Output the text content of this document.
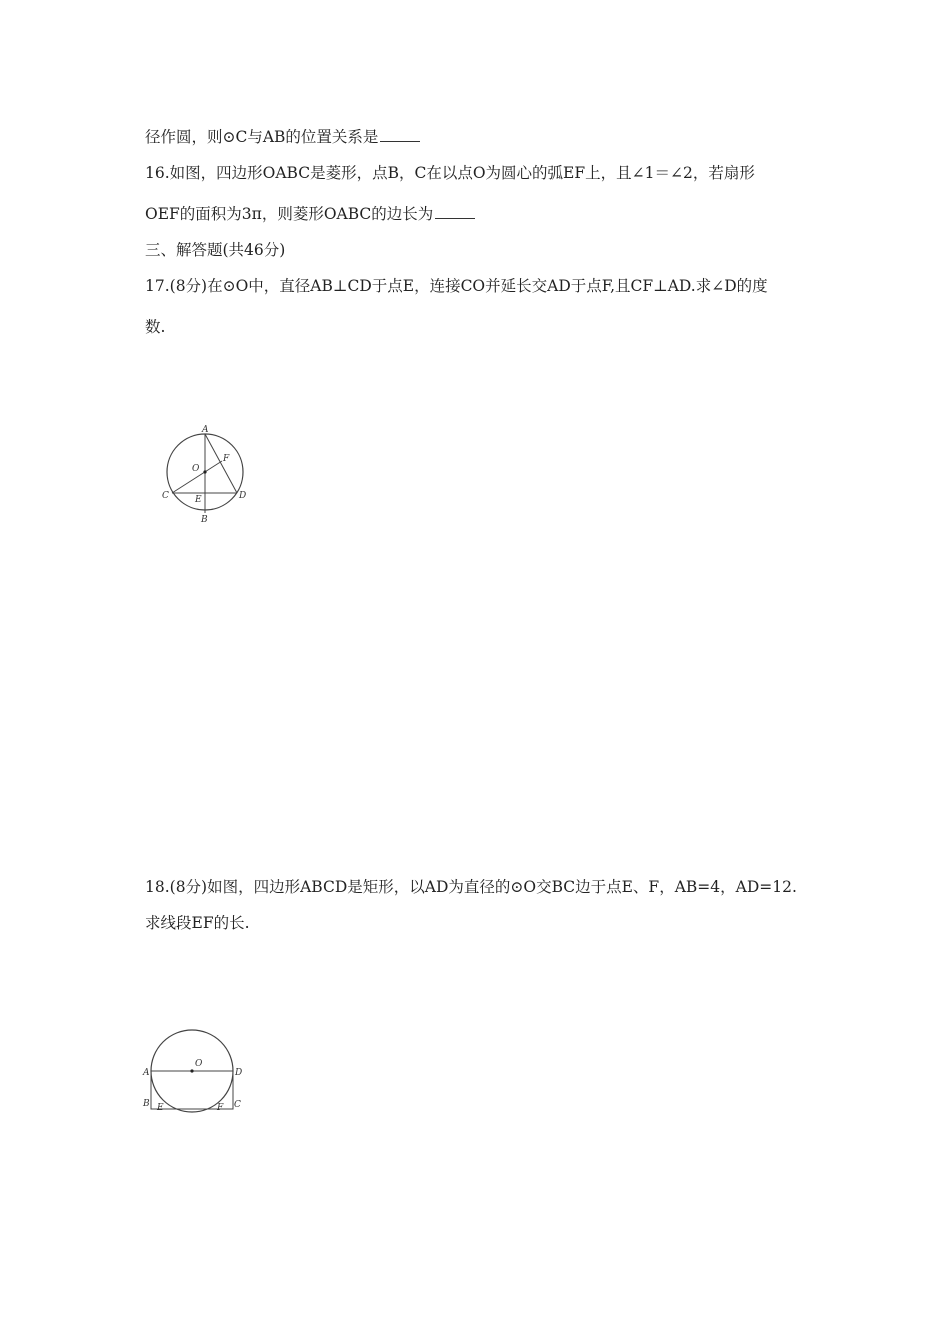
径作圆，则⊙C与AB的位置关系是
16.如图，四边形OABC是菱形，点B，C在以点O为圆心的弧EF上，且∠1＝∠2，若扇形
OEF的面积为3π，则菱形OABC的边长为
三、解答题(共46分)
17.(8分)在⊙O中，直径AB⊥CD于点E，连接CO并延长交AD于点F,且CF⊥AD.求∠D的度
数.
A
O
F
C	E	D
B
18.(8分)如图，四边形ABCD是矩形，以AD为直径的⊙O交BC边于点E、F，AB=4，AD=12.
求线段EF的长.
O
A	D
B E	F C
